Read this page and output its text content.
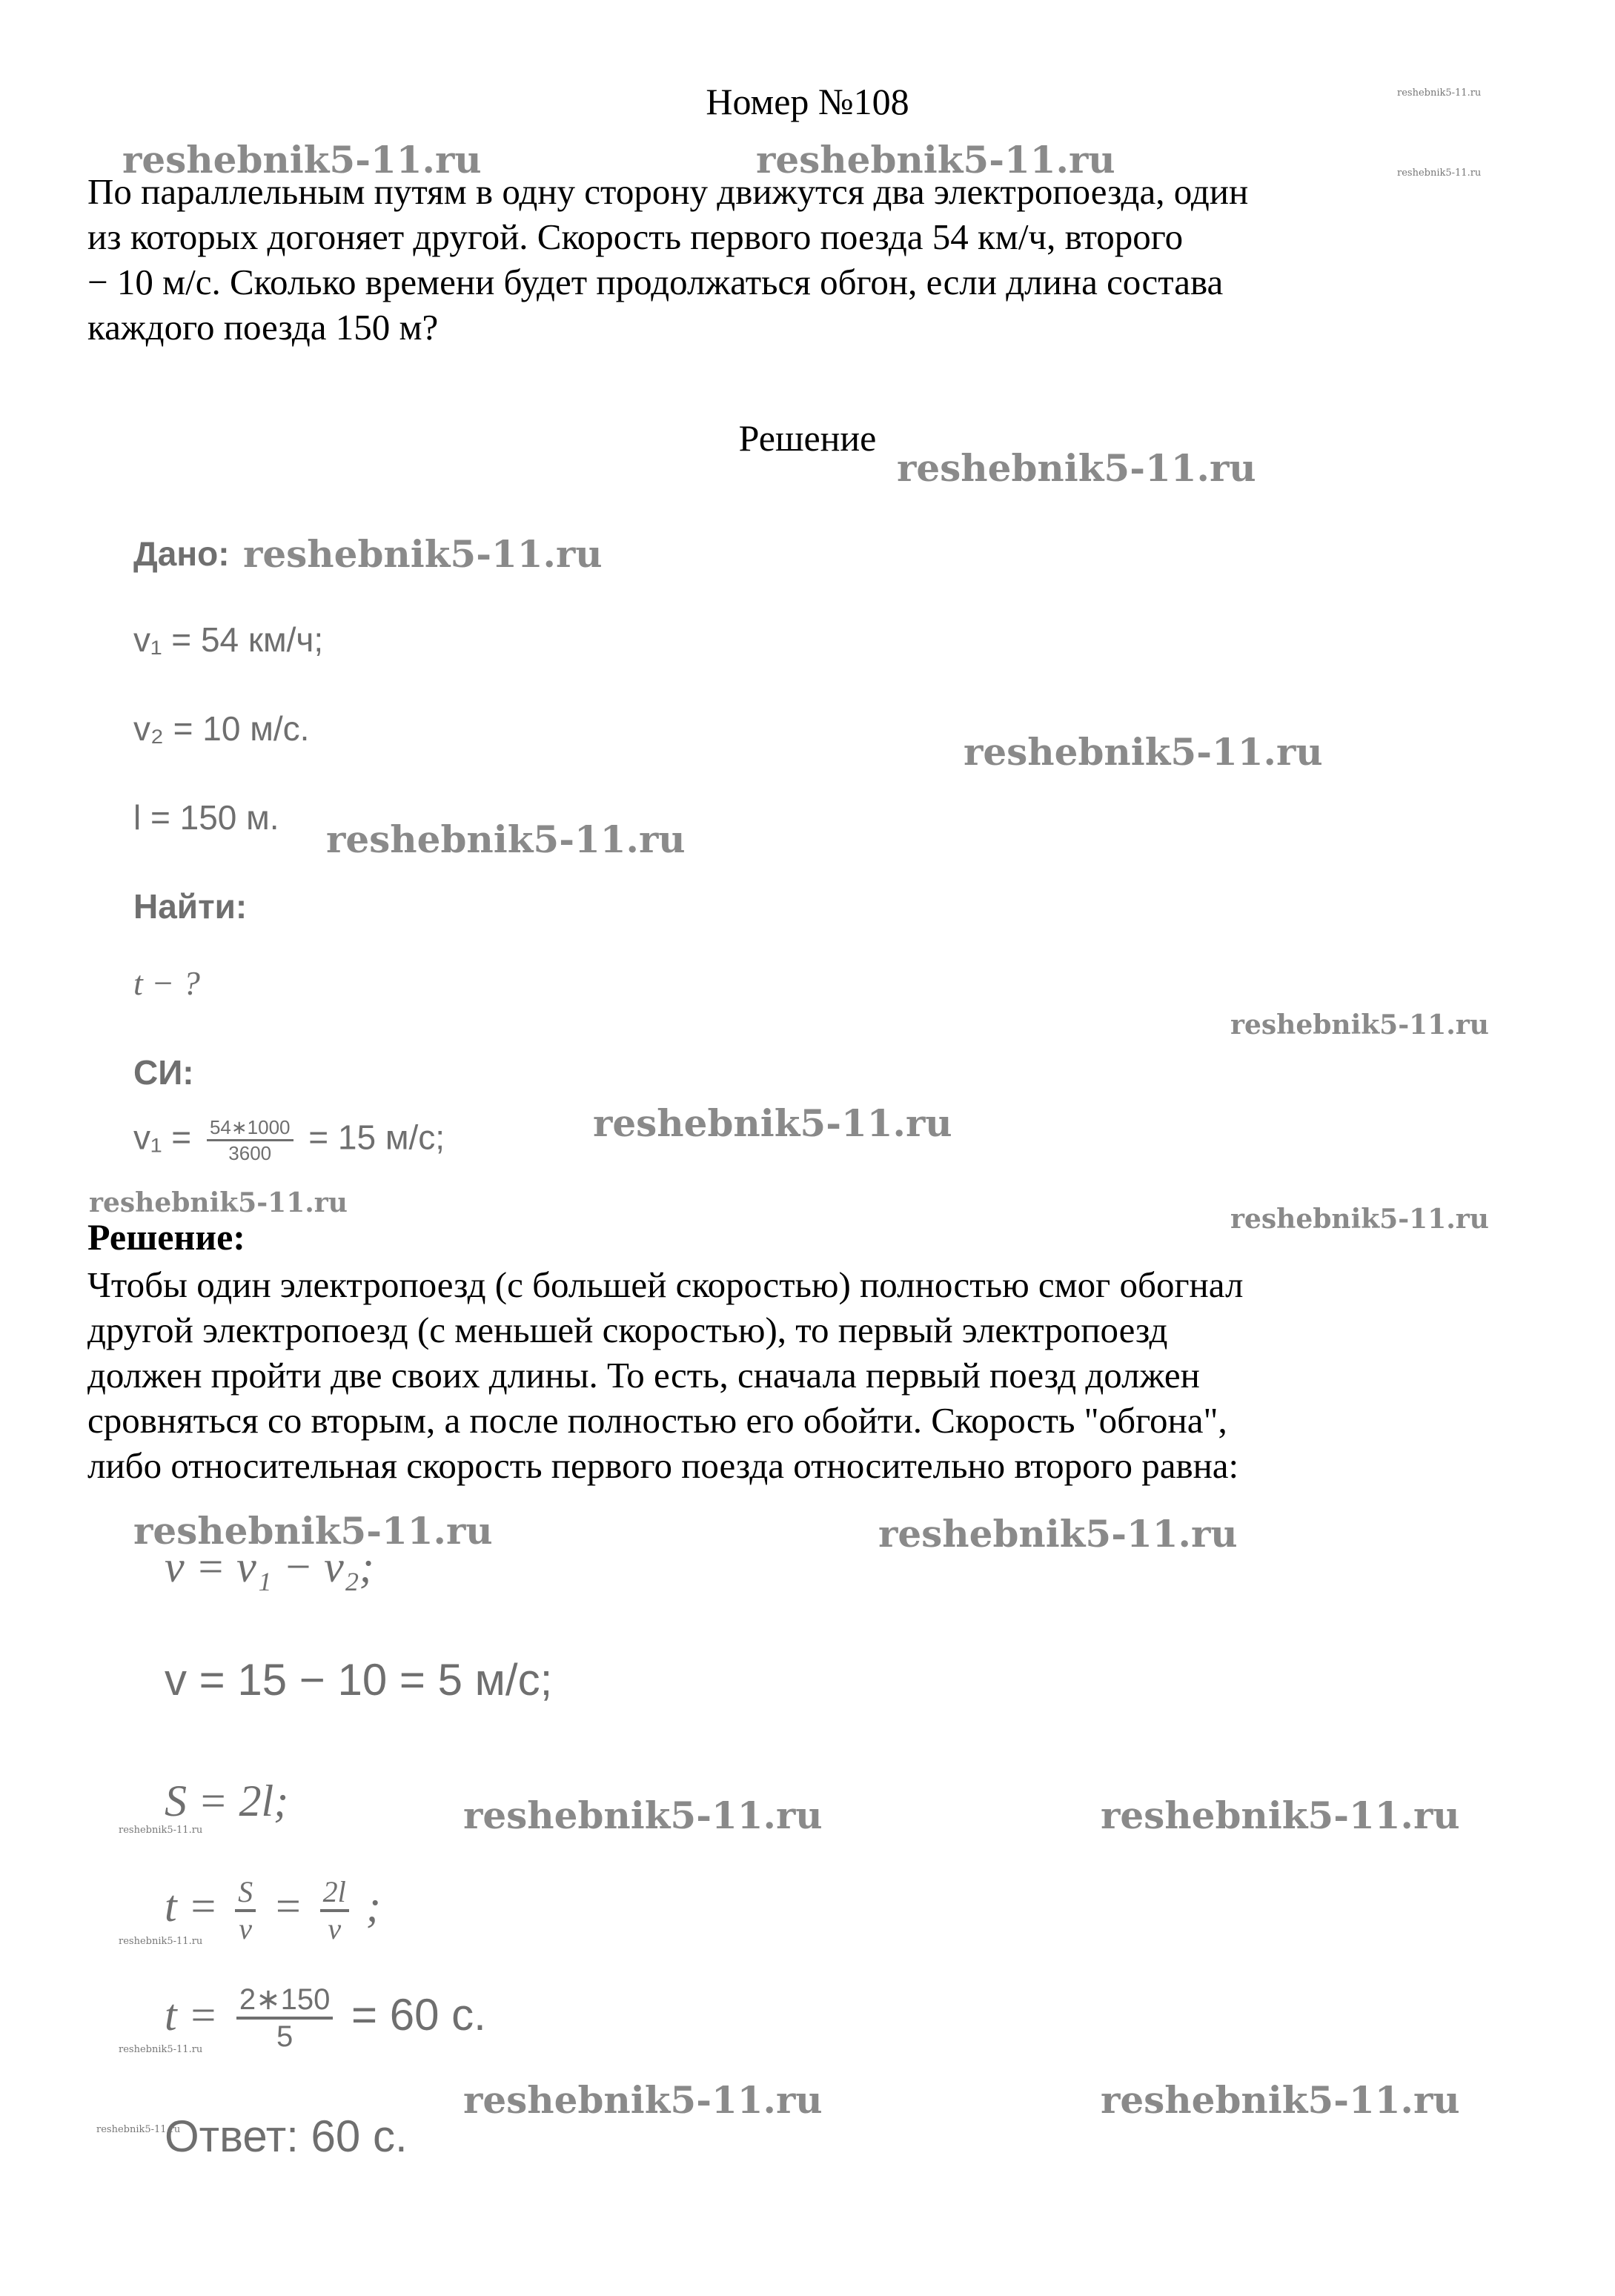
Номер №108
По параллельным путям в одну сторону движутся два электропоезда, один
из которых догоняет другой. Скорость первого поезда 54 км/ч, второго
− 10 м/с. Сколько времени будет продолжаться обгон, если длина состава
каждого поезда 150 м?
Решение
Дано:
v₁ = 54 км/ч;
v₂ = 10 м/с.
l = 150 м.
Найти:
t − ?
СИ:
$v_1 = \frac{54∗1000}{3600} = 15$ м/с;
Решение:
Чтобы один электропоезд (с большей скоростью) полностью смог обогнал
другой электропоезд (с меньшей скоростью), то первый электропоезд
должен пройти две своих длины. То есть, сначала первый поезд должен
сровняться со вторым, а после полностью его обойти. Скорость "обгона",
либо относительная скорость первого поезда относительно второго равна:
v = v₁ − v₂;
v = 15 − 10 = 5 м/с;
S = 2l;
$t = \frac{S}{v} = \frac{2l}{v}$ ;
$t = \frac{2∗150}{5} = 60$ с.
Ответ: 60 с.
reshebnik5-11.ru
reshebnik5-11.ru	reshebnik5-11.ru	reshebnik5-11.ru
reshebnik5-11.ru
reshebnik5-11.ru
reshebnik5-11.ru
reshebnik5-11.ru
reshebnik5-11.ru
reshebnik5-11.ru
reshebnik5-11.ru
reshebnik5-11.ru
reshebnik5-11.ru	reshebnik5-11.ru
reshebnik5-11.ru	reshebnik5-11.ru	reshebnik5-11.ru
reshebnik5-11.ru
reshebnik5-11.ru
reshebnik5-11.ru	reshebnik5-11.ru
reshebnik5-11.ru
